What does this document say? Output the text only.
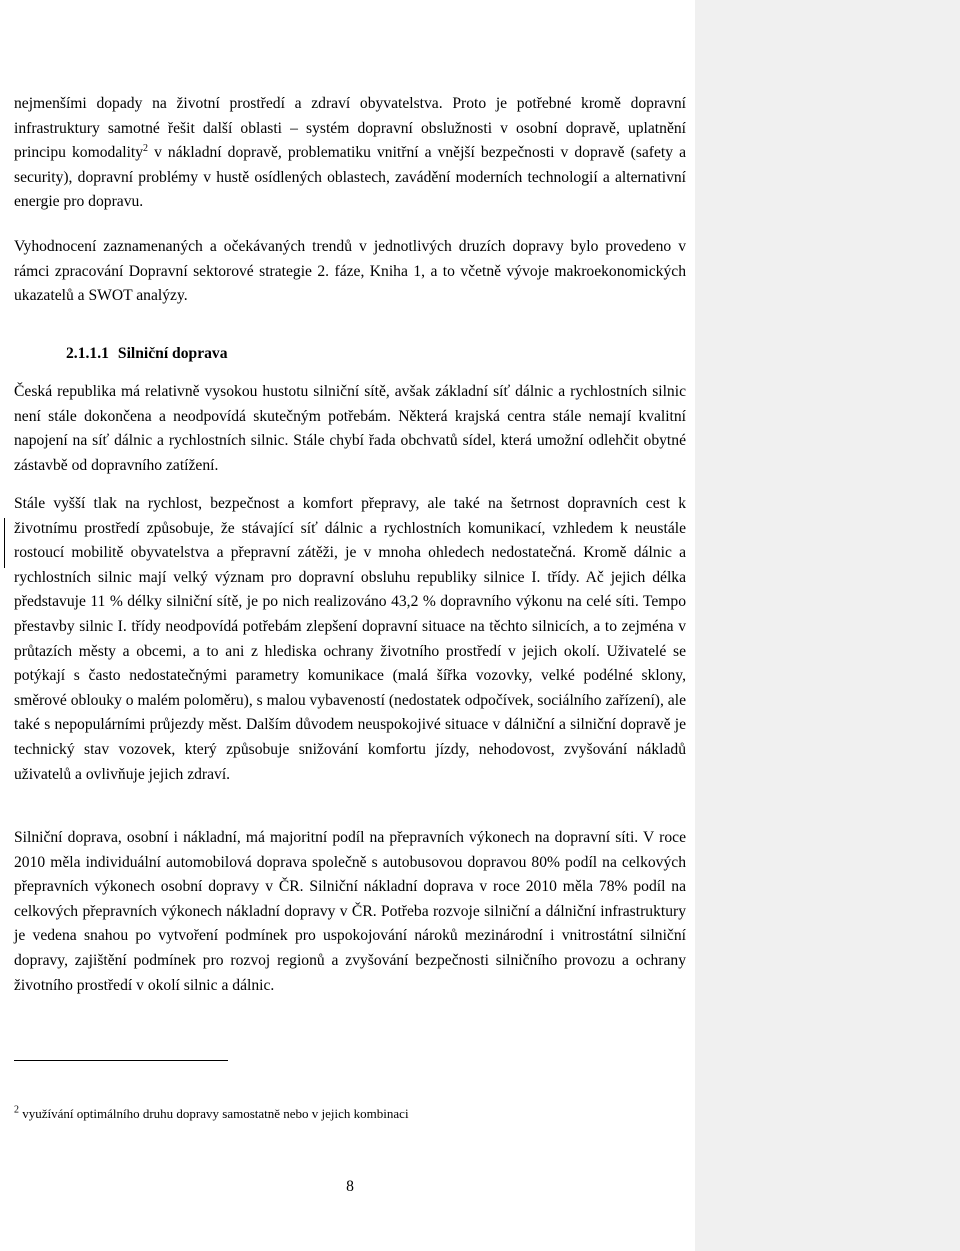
nejmenšími dopady na životní prostředí a zdraví obyvatelstva. Proto je potřebné kromě dopravní infrastruktury samotné řešit další oblasti – systém dopravní obslužnosti v osobní dopravě, uplatnění principu komodality$^2$ v nákladní dopravě, problematiku vnitřní a vnější bezpečnosti v dopravě (safety a security), dopravní problémy v hustě osídlených oblastech, zavádění moderních technologií a alternativní energie pro dopravu.

Vyhodnocení zaznamenaných a očekávaných trendů v jednotlivých druzích dopravy bylo provedeno v rámci zpracování Dopravní sektorové strategie 2. fáze, Kniha 1, a to včetně vývoje makroekonomických ukazatelů a SWOT analýzy.

2.1.1.1 Silniční doprava

Česká republika má relativně vysokou hustotu silniční sítě, avšak základní síť dálnic a rychlostních silnic není stále dokončena a neodpovídá skutečným potřebám. Některá krajská centra stále nemají kvalitní napojení na síť dálnic a rychlostních silnic. Stále chybí řada obchvatů sídel, která umožní odlehčit obytné zástavbě od dopravního zatížení.

Stále vyšší tlak na rychlost, bezpečnost a komfort přepravy, ale také na šetrnost dopravních cest k životnímu prostředí způsobuje, že stávající síť dálnic a rychlostních komunikací, vzhledem k neustále rostoucí mobilitě obyvatelstva a přepravní zátěži, je v mnoha ohledech nedostatečná. Kromě dálnic a rychlostních silnic mají velký význam pro dopravní obsluhu republiky silnice I. třídy. Ač jejich délka představuje 11 % délky silniční sítě, je po nich realizováno 43,2 % dopravního výkonu na celé síti. Tempo přestavby silnic I. třídy neodpovídá potřebám zlepšení dopravní situace na těchto silnicích, a to zejména v průtazích městy a obcemi, a to ani z hlediska ochrany životního prostředí v jejich okolí. Uživatelé se potýkají s často nedostatečnými parametry komunikace (malá šířka vozovky, velké podélné sklony, směrové oblouky o malém poloměru), s malou vybaveností (nedostatek odpočívek, sociálního zařízení), ale také s nepopulárními průjezdy měst. Dalším důvodem neuspokojivé situace v dálniční a silniční dopravě je technický stav vozovek, který způsobuje snižování komfortu jízdy, nehodovost, zvyšování nákladů uživatelů a ovlivňuje jejich zdraví.

Silniční doprava, osobní i nákladní, má majoritní podíl na přepravních výkonech na dopravní síti. V roce 2010 měla individuální automobilová doprava společně s autobusovou dopravou 80% podíl na celkových přepravních výkonech osobní dopravy v ČR. Silniční nákladní doprava v roce 2010 měla 78% podíl na celkových přepravních výkonech nákladní dopravy v ČR. Potřeba rozvoje silniční a dálniční infrastruktury je vedena snahou po vytvoření podmínek pro uspokojování nároků mezinárodní i vnitrostátní silniční dopravy, zajištění podmínek pro rozvoj regionů a zvyšování bezpečnosti silničního provozu a ochrany životního prostředí v okolí silnic a dálnic.

$^2$ využívání optimálního druhu dopravy samostatně nebo v jejich kombinaci

8
